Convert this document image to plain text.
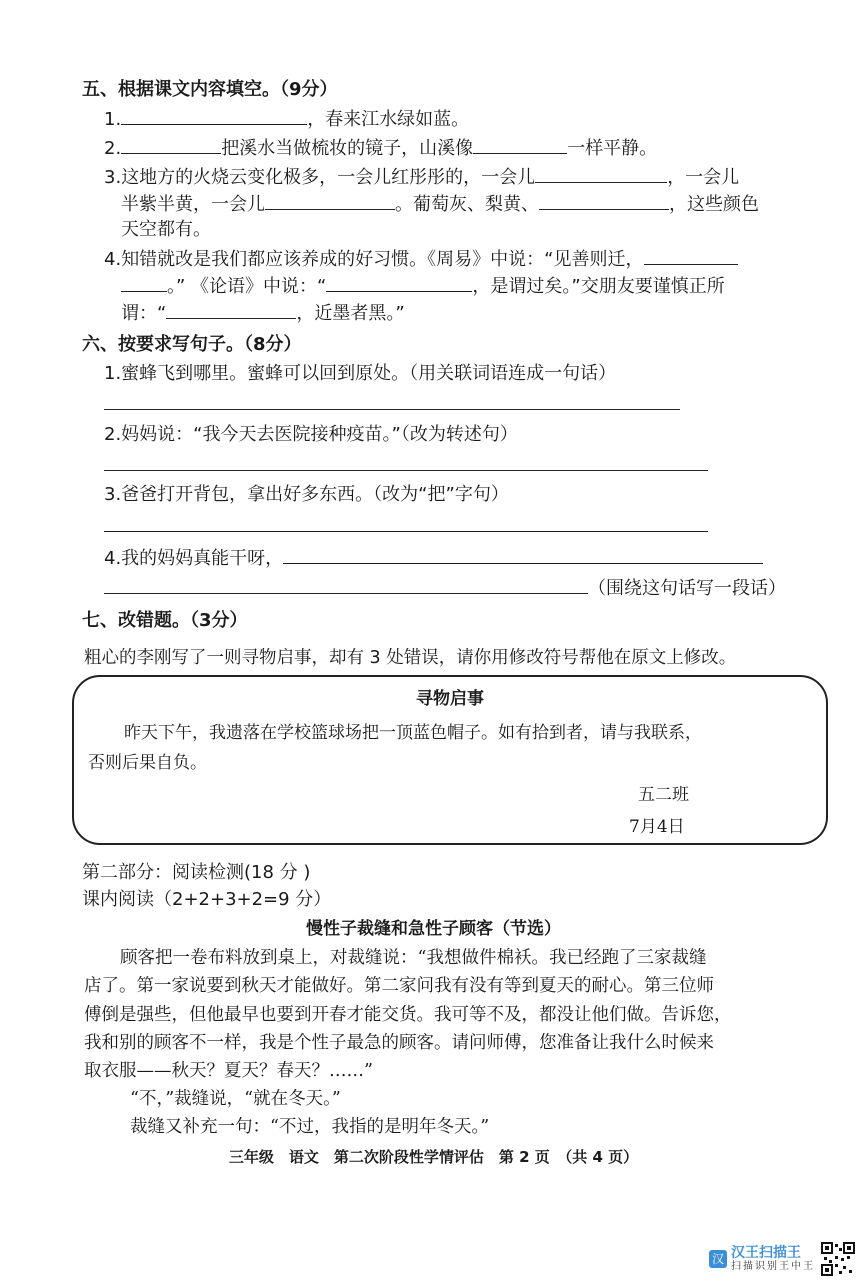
五、根据课文内容填空。（9分）
1.	，春来江水绿如蓝。
2.	把溪水当做梳妆的镜子，山溪像	一样平静。
3.这地方的火烧云变化极多，一会儿红彤彤的，一会儿	，一会儿
半紫半黄，一会儿	。葡萄灰、梨黄、	，这些颜色
天空都有。
4.知错就改是我们都应该养成的好习惯。《周易》中说：“见善则迁，
。” 《论语》中说：“	，是谓过矣。”交朋友要谨慎正所
谓：“	，近墨者黑。”
六、按要求写句子。（8分）
1.蜜蜂飞到哪里。蜜蜂可以回到原处。（用关联词语连成一句话）
2.妈妈说：“我今天去医院接种疫苗。”（改为转述句）
3.爸爸打开背包，拿出好多东西。（改为“把”字句）
4.我的妈妈真能干呀，
（围绕这句话写一段话）
七、改错题。（3分）
粗心的李刚写了一则寻物启事，却有 3 处错误，请你用修改符号帮他在原文上修改。
寻物启事
昨天下午，我遗落在学校篮球场把一顶蓝色帽子。如有拾到者，请与我联系，
否则后果自负。
五二班
7月4日
第二部分：阅读检测(18 分 )
课内阅读（2+2+3+2=9 分）
慢性子裁缝和急性子顾客（节选）
顾客把一卷布料放到桌上，对裁缝说：“我想做件棉袄。我已经跑了三家裁缝
店了。第一家说要到秋天才能做好。第二家问我有没有等到夏天的耐心。第三位师
傅倒是强些，但他最早也要到开春才能交货。我可等不及，都没让他们做。告诉您，
我和别的顾客不一样，我是个性子最急的顾客。请问师傅，您准备让我什么时候来
取衣服——秋天？夏天？春天？……”
“不，”裁缝说，“就在冬天。”
裁缝又补充一句：“不过，我指的是明年冬天。”
三年级　语文　第二次阶段性学情评估　第 2 页　（共 4 页）
汉 汉王扫描王
扫描识别王中王
